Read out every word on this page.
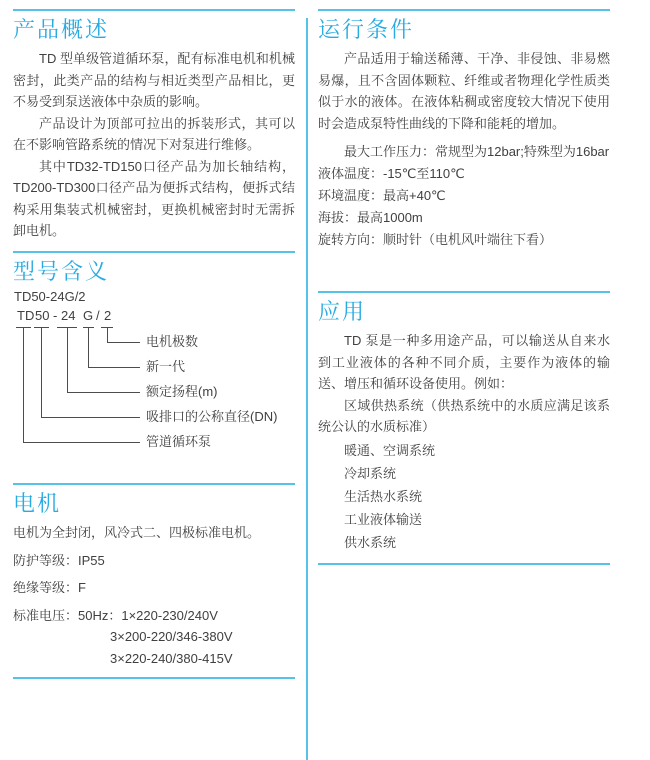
产品概述

TD 型单级管道循环泵，配有标准电机和机械密封，此类产品的结构与相近类型产品相比，更不易受到泵送液体中杂质的影响。

产品设计为顶部可拉出的拆装形式，其可以在不影响管路系统的情况下对泵进行维修。

其中TD32-TD150口径产品为加长轴结构，TD200-TD300口径产品为便拆式结构，便拆式结构采用集装式机械密封，更换机械密封时无需拆卸电机。

型号含义
TD50-24G/2
TD 50 - 24 G / 2
电机极数
新一代
额定扬程(m)
吸排口的公称直径(DN)
管道循环泵
电机

电机为全封闭，风冷式二、四极标准电机。

防护等级：IP55

绝缘等级：F

标准电压：50Hz：1×220-230/240V

3×200-220/346-380V

3×220-240/380-415V

运行条件

产品适用于输送稀薄、干净、非侵蚀、非易燃易爆，且不含固体颗粒、纤维或者物理化学性质类似于水的液体。在液体粘稠或密度较大情况下使用时会造成泵特性曲线的下降和能耗的增加。

最大工作压力：常规型为12bar;特殊型为16bar

液体温度：-15℃至110℃

环境温度：最高+40℃

海拔：最高1000m

旋转方向：顺时针（电机风叶端往下看）

应用

TD 泵是一种多用途产品，可以输送从自来水到工业液体的各种不同介质，主要作为液体的输送、增压和循环设备使用。例如：

区域供热系统（供热系统中的水质应满足该系统公认的水质标准）

暖通、空调系统
冷却系统
生活热水系统
工业液体输送
供水系统
